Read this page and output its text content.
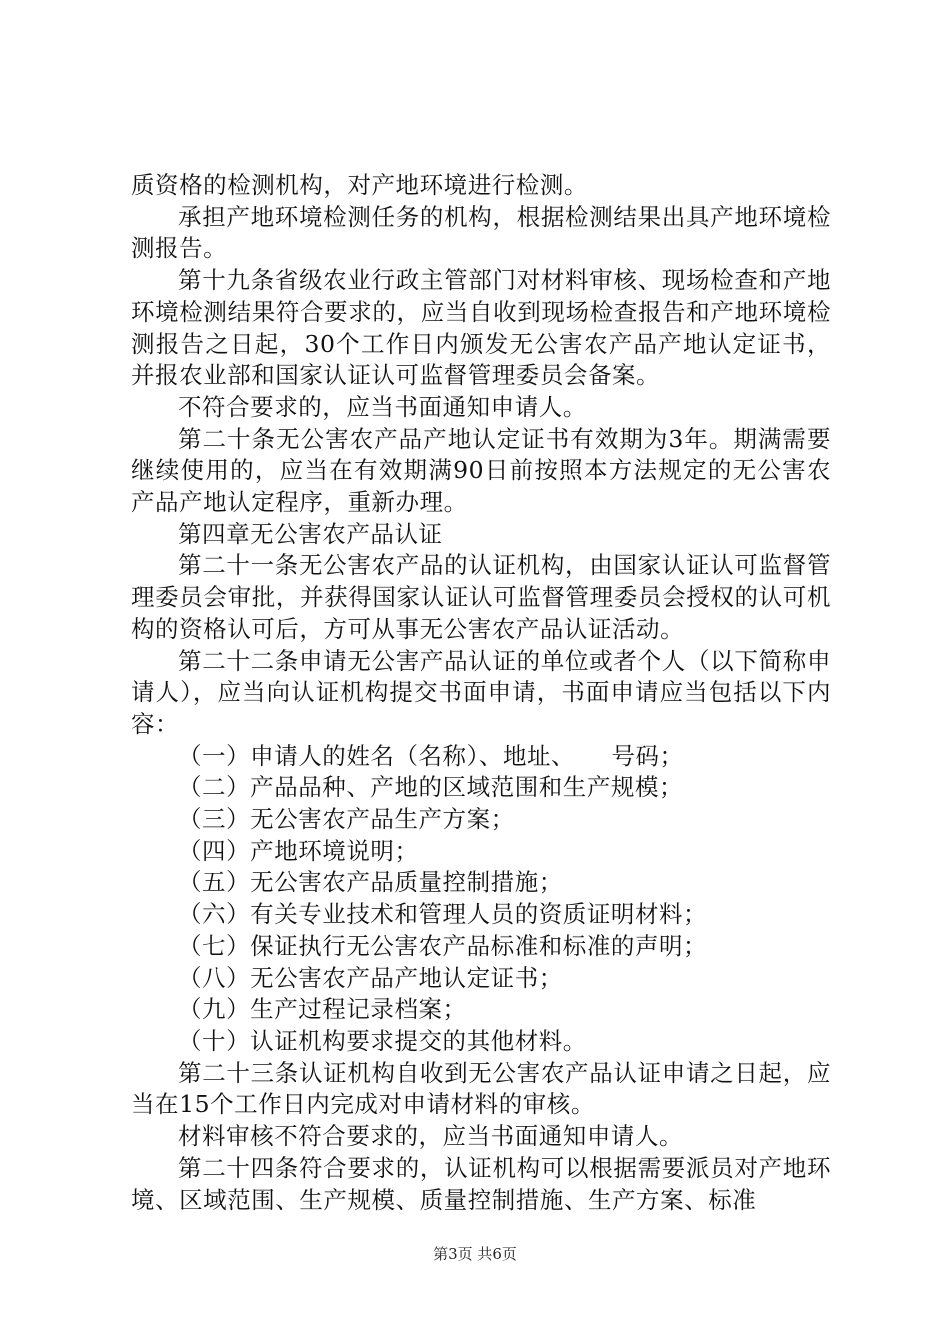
质资格的检测机构，对产地环境进行检测。

承担产地环境检测任务的机构，根据检测结果出具产地环境检测报告。

第十九条省级农业行政主管部门对材料审核、现场检查和产地环境检测结果符合要求的，应当自收到现场检查报告和产地环境检测报告之日起，30个工作日内颁发无公害农产品产地认定证书，并报农业部和国家认证认可监督管理委员会备案。

不符合要求的，应当书面通知申请人。

第二十条无公害农产品产地认定证书有效期为3年。期满需要继续使用的，应当在有效期满90日前按照本方法规定的无公害农产品产地认定程序，重新办理。

第四章无公害农产品认证

第二十一条无公害农产品的认证机构，由国家认证认可监督管理委员会审批，并获得国家认证认可监督管理委员会授权的认可机构的资格认可后，方可从事无公害农产品认证活动。

第二十二条申请无公害产品认证的单位或者个人（以下简称申请人），应当向认证机构提交书面申请，书面申请应当包括以下内容：

（一）申请人的姓名（名称）、地址、　　号码；

（二）产品品种、产地的区域范围和生产规模；

（三）无公害农产品生产方案；

（四）产地环境说明；

（五）无公害农产品质量控制措施；

（六）有关专业技术和管理人员的资质证明材料；

（七）保证执行无公害农产品标准和标准的声明；

（八）无公害农产品产地认定证书；

（九）生产过程记录档案；

（十）认证机构要求提交的其他材料。

第二十三条认证机构自收到无公害农产品认证申请之日起，应当在15个工作日内完成对申请材料的审核。

材料审核不符合要求的，应当书面通知申请人。

第二十四条符合要求的，认证机构可以根据需要派员对产地环境、区域范围、生产规模、质量控制措施、生产方案、标准

第3页 共6页
